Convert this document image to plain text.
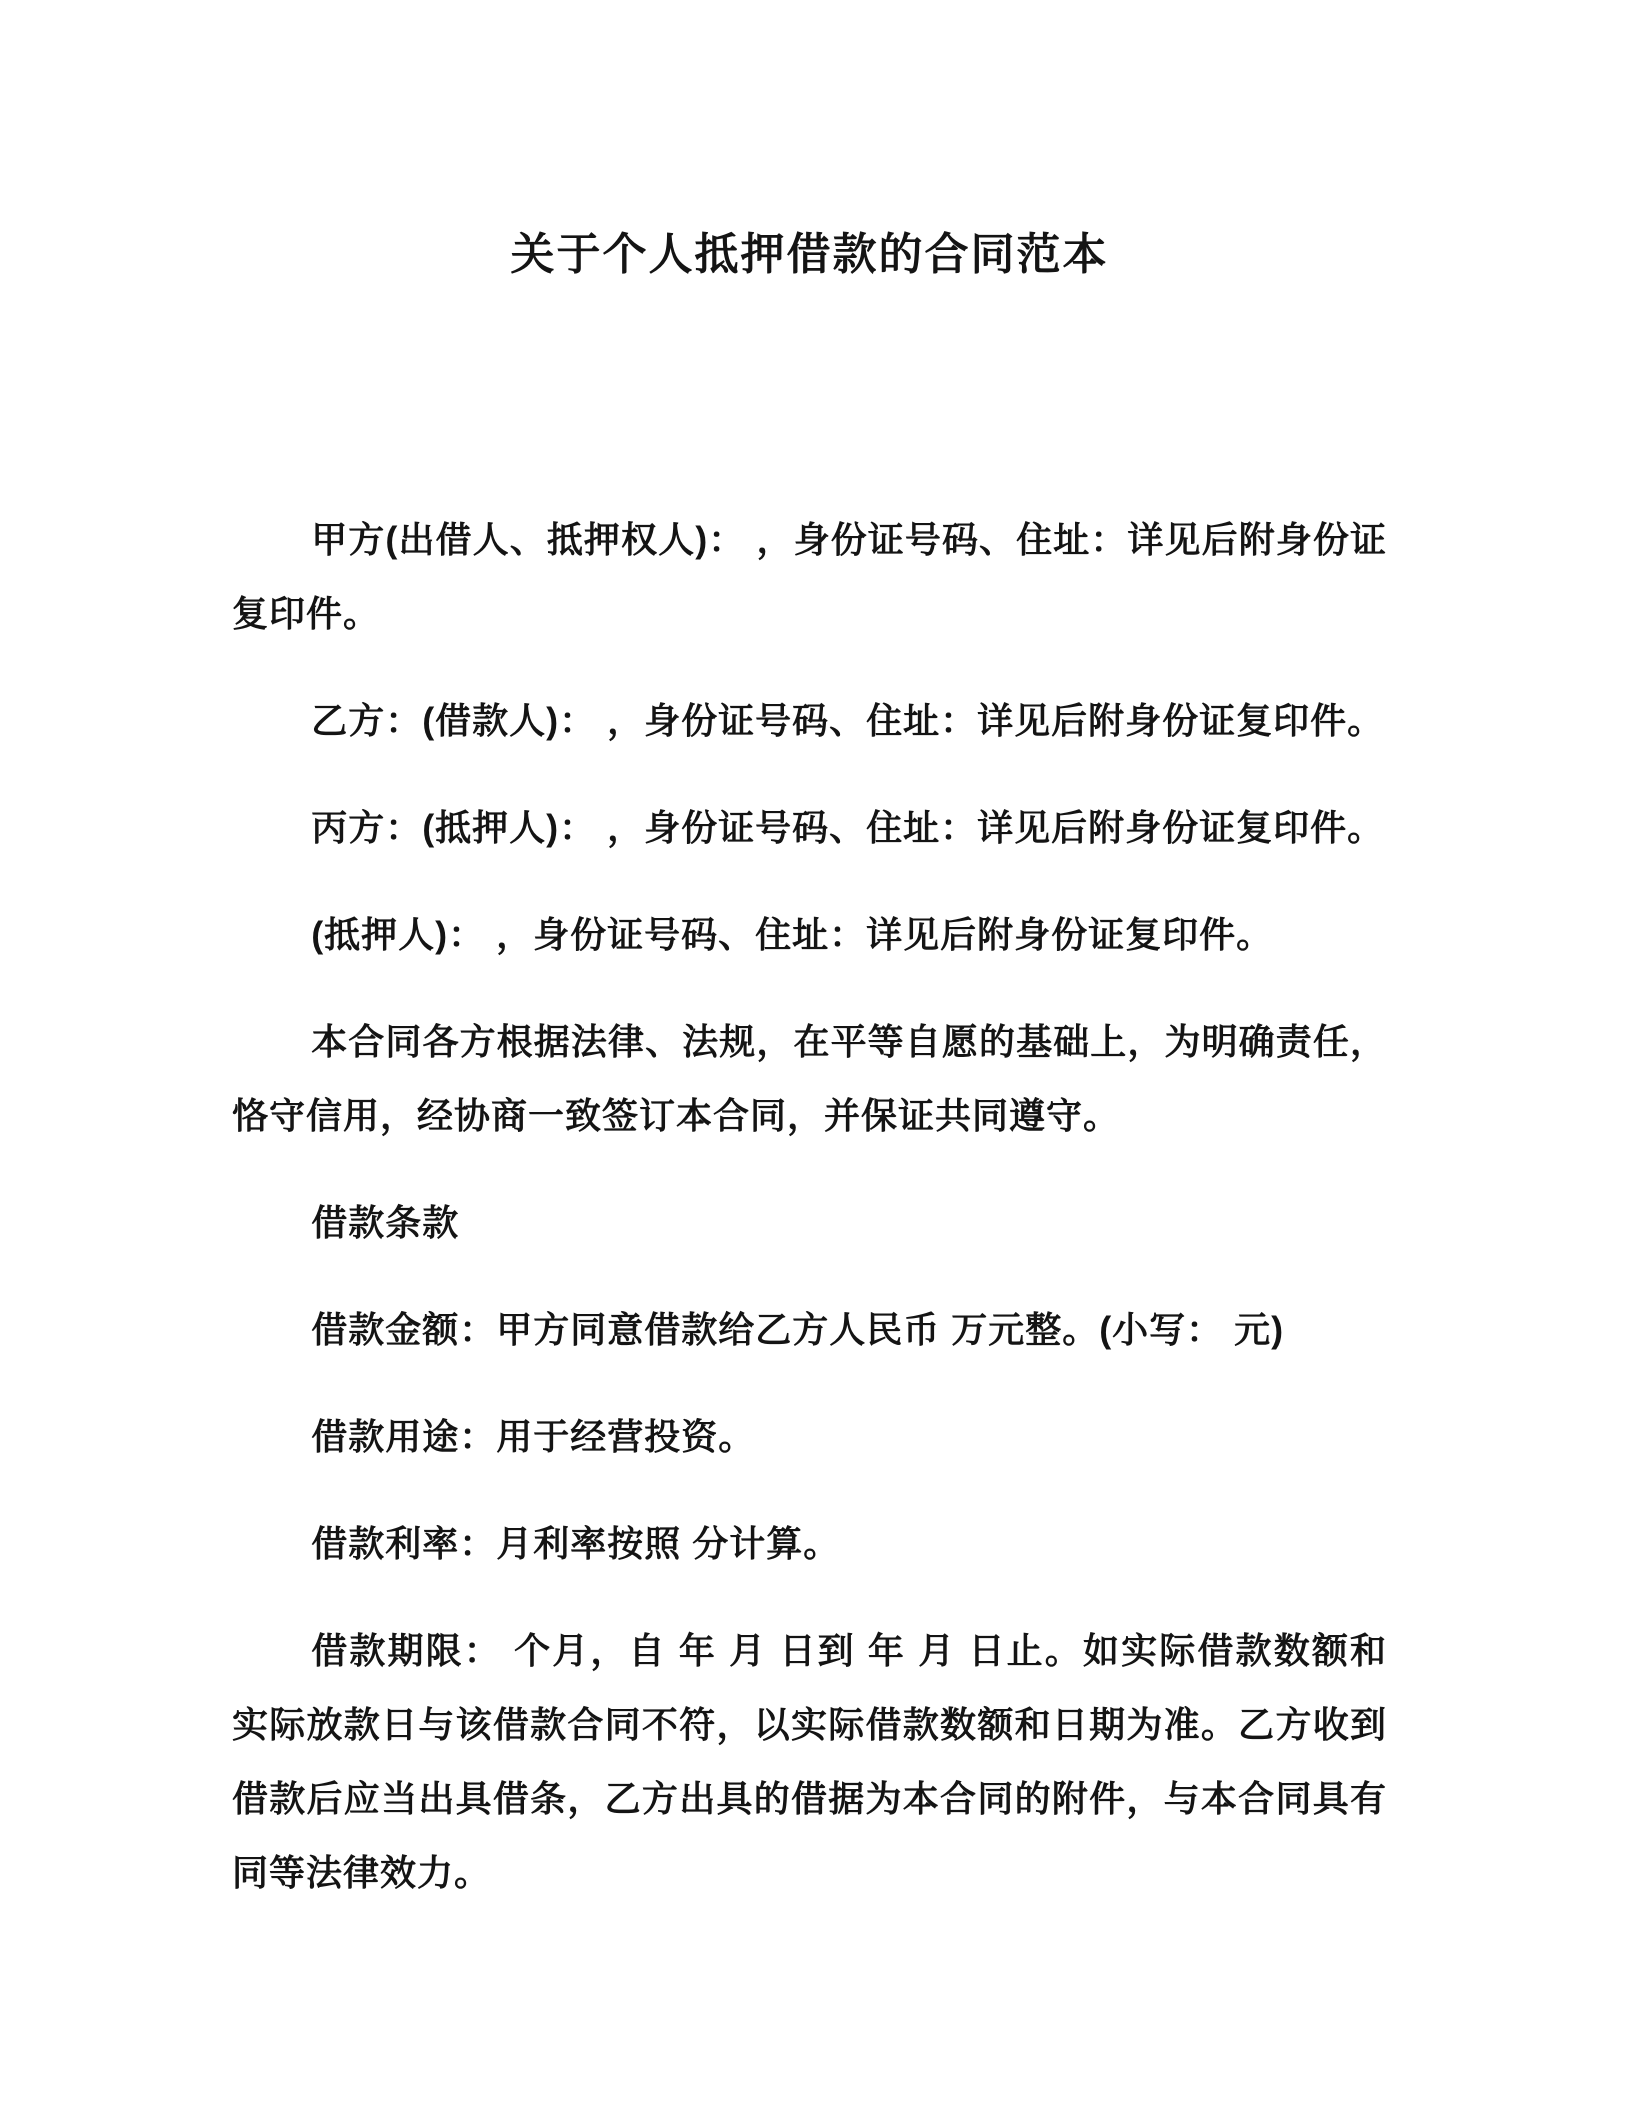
关于个人抵押借款的合同范本

甲方(出借人、抵押权人)： ，身份证号码、住址：详见后附身份证复印件。

乙方：(借款人)： ，身份证号码、住址：详见后附身份证复印件。

丙方：(抵押人)： ，身份证号码、住址：详见后附身份证复印件。

(抵押人)： ，身份证号码、住址：详见后附身份证复印件。

本合同各方根据法律、法规，在平等自愿的基础上，为明确责任，恪守信用，经协商一致签订本合同，并保证共同遵守。

借款条款

借款金额：甲方同意借款给乙方人民币 万元整。(小写： 元)

借款用途：用于经营投资。

借款利率：月利率按照 分计算。

借款期限： 个月，自 年 月 日到 年 月 日止。如实际借款数额和实际放款日与该借款合同不符，以实际借款数额和日期为准。乙方收到借款后应当出具借条，乙方出具的借据为本合同的附件，与本合同具有同等法律效力。
